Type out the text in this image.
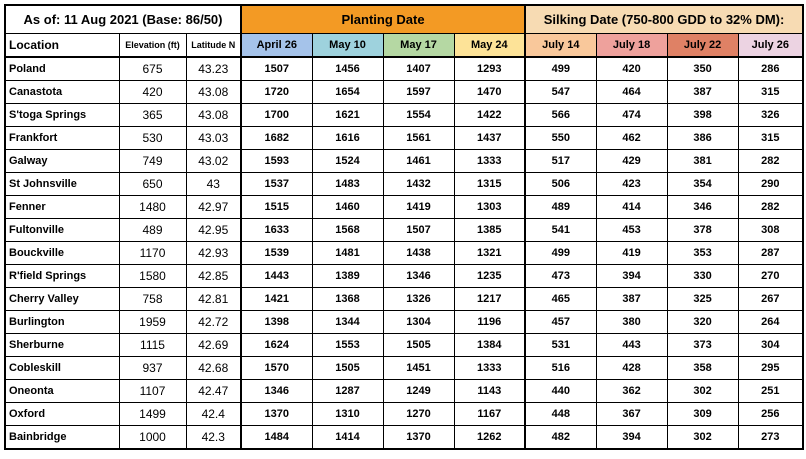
As of: 11 Aug 2021 (Base: 86/50)			Planting Date				Silking Date (750-800 GDD to 32% DM):			
Location	Elevation (ft)	Latitude N	April 26	May 10	May 17	May 24	July 14	July 18	July 22	July 26
Poland	675	43.23	1507	1456	1407	1293	499	420	350	286
Canastota	420	43.08	1720	1654	1597	1470	547	464	387	315
S'toga Springs	365	43.08	1700	1621	1554	1422	566	474	398	326
Frankfort	530	43.03	1682	1616	1561	1437	550	462	386	315
Galway	749	43.02	1593	1524	1461	1333	517	429	381	282
St Johnsville	650	43	1537	1483	1432	1315	506	423	354	290
Fenner	1480	42.97	1515	1460	1419	1303	489	414	346	282
Fultonville	489	42.95	1633	1568	1507	1385	541	453	378	308
Bouckville	1170	42.93	1539	1481	1438	1321	499	419	353	287
R'field Springs	1580	42.85	1443	1389	1346	1235	473	394	330	270
Cherry Valley	758	42.81	1421	1368	1326	1217	465	387	325	267
Burlington	1959	42.72	1398	1344	1304	1196	457	380	320	264
Sherburne	1115	42.69	1624	1553	1505	1384	531	443	373	304
Cobleskill	937	42.68	1570	1505	1451	1333	516	428	358	295
Oneonta	1107	42.47	1346	1287	1249	1143	440	362	302	251
Oxford	1499	42.4	1370	1310	1270	1167	448	367	309	256
Bainbridge	1000	42.3	1484	1414	1370	1262	482	394	302	273
